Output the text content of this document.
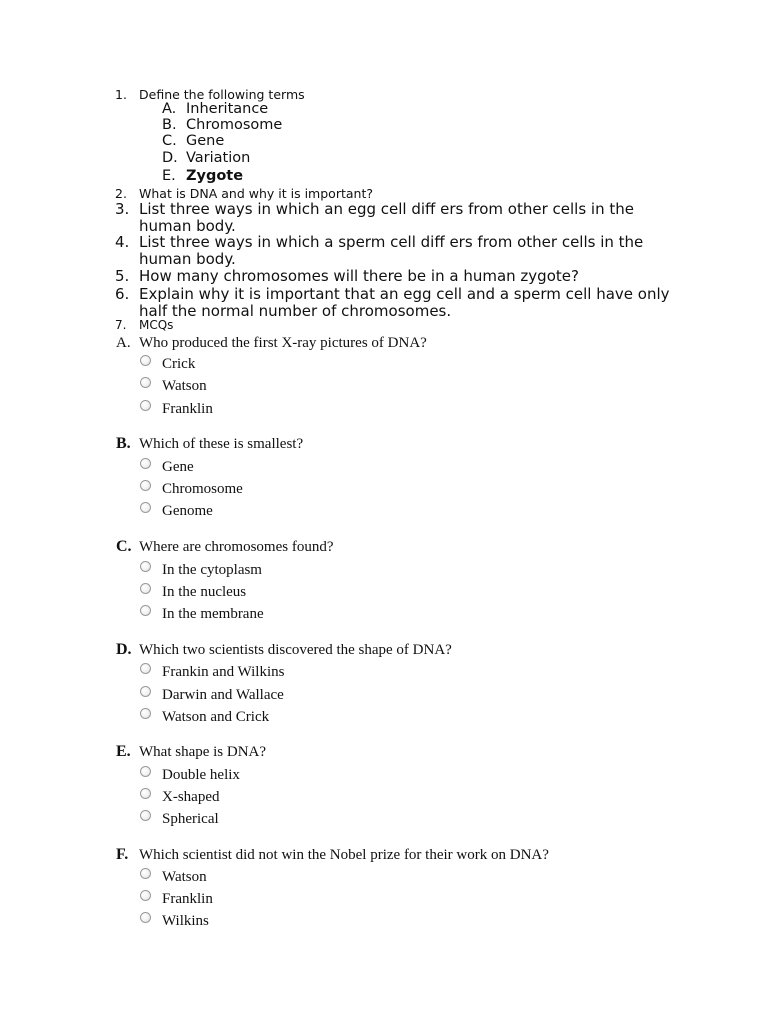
1. Define the following terms
A. Inheritance
B. Chromosome
C. Gene
D. Variation
E. Zygote
2. What is DNA and why it is important?
3. List three ways in which an egg cell diff ers from other cells in the human body.
4. List three ways in which a sperm cell diff ers from other cells in the human body.
5. How many chromosomes will there be in a human zygote?
6. Explain why it is important that an egg cell and a sperm cell have only half the normal number of chromosomes.
7. MCQs
A. Who produced the first X-ray pictures of DNA?
Crick
Watson
Franklin
B. Which of these is smallest?
Gene
Chromosome
Genome
C. Where are chromosomes found?
In the cytoplasm
In the nucleus
In the membrane
D. Which two scientists discovered the shape of DNA?
Frankin and Wilkins
Darwin and Wallace
Watson and Crick
E. What shape is DNA?
Double helix
X-shaped
Spherical
F. Which scientist did not win the Nobel prize for their work on DNA?
Watson
Franklin
Wilkins
